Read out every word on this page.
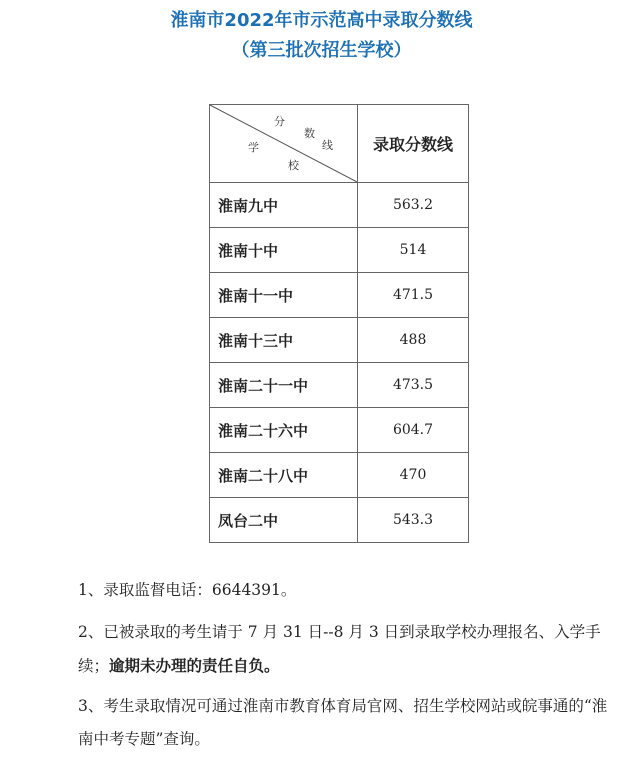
淮南市2022年市示范高中录取分数线
（第三批次招生学校）
分
数
线
学
校	录取分数线
淮南九中	563.2
淮南十中	514
淮南十一中	471.5
淮南十三中	488
淮南二十一中	473.5
淮南二十六中	604.7
淮南二十八中	470
凤台二中	543.3
1、录取监督电话：6644391。
2、已被录取的考生请于 7 月 31 日--8 月 3 日到录取学校办理报名、入学手续；逾期未办理的责任自负。
3、考生录取情况可通过淮南市教育体育局官网、招生学校网站或皖事通的“淮南中考专题”查询。
